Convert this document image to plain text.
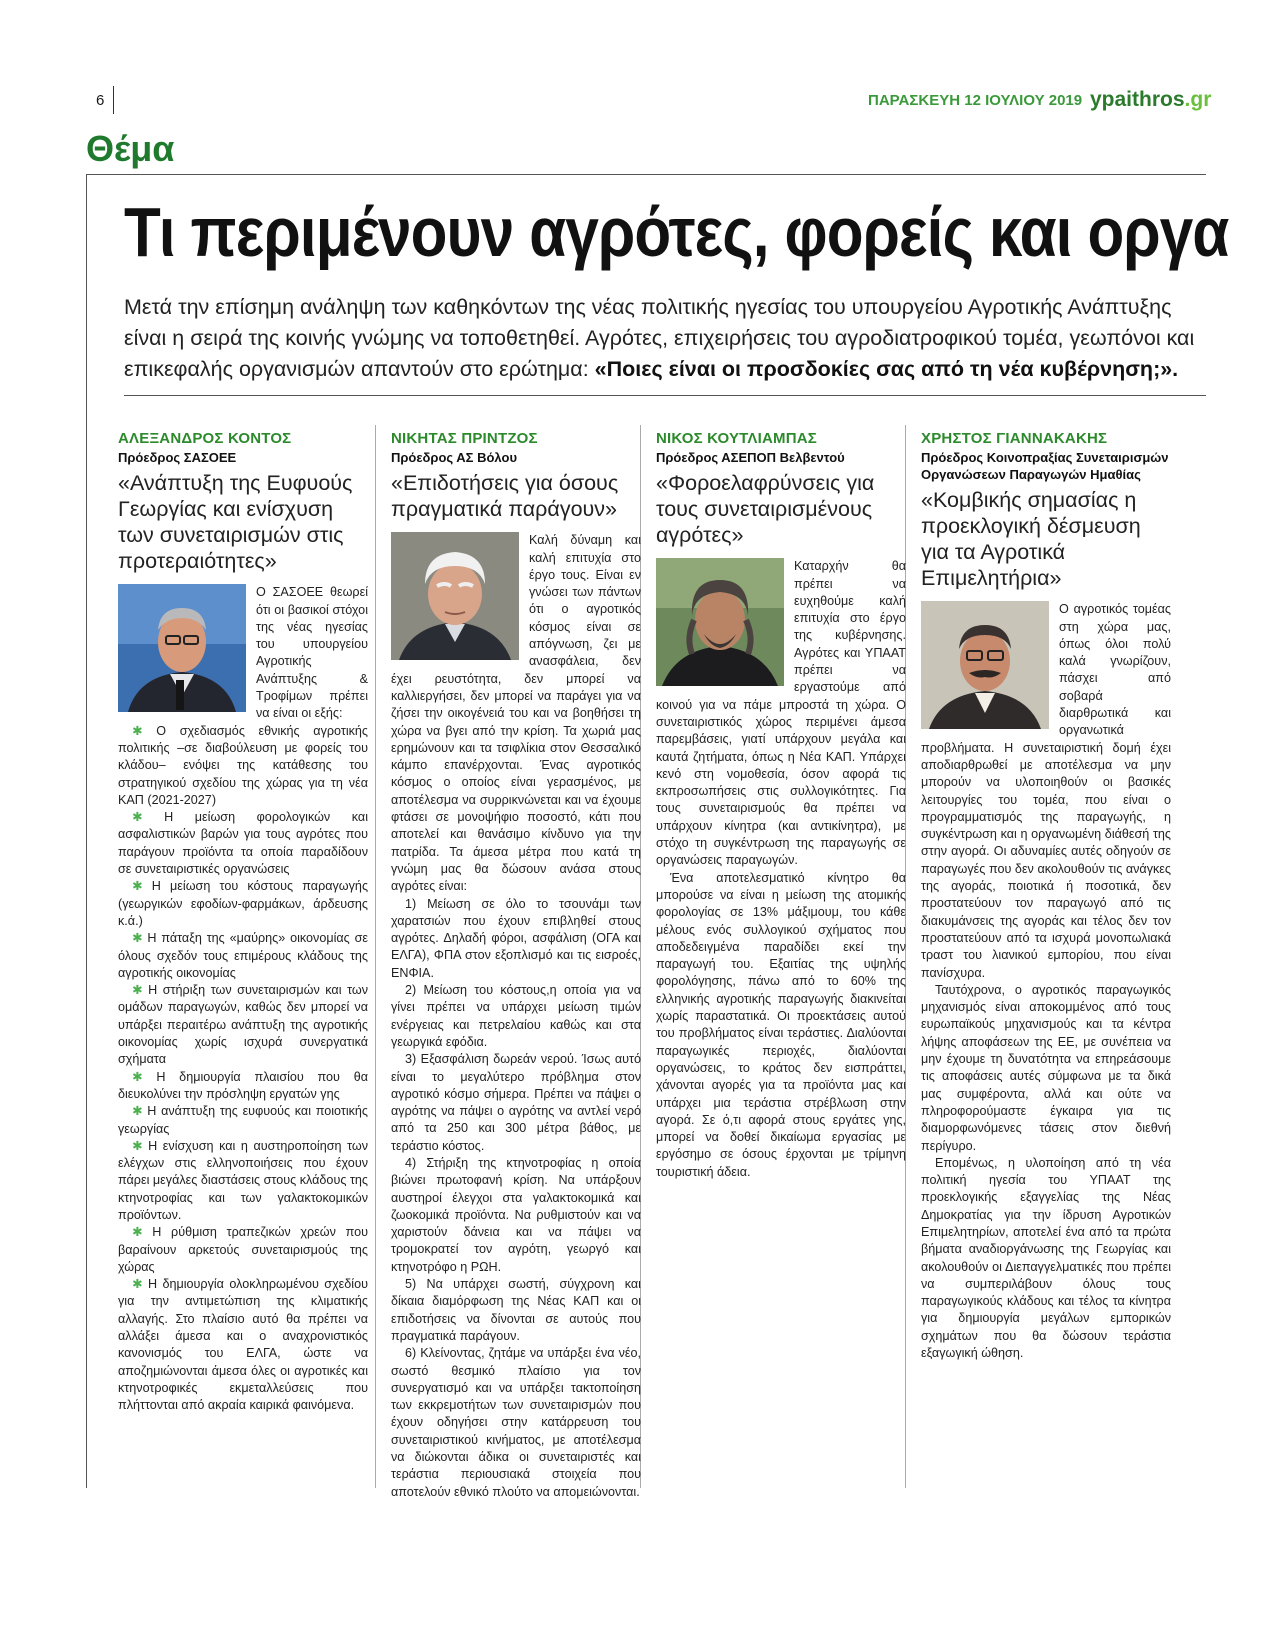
6	ΠΑΡΑΣΚΕΥΗ 12 ΙΟΥΛΙΟΥ 2019 ypaithros.gr
Θέμα
Τι περιμένουν αγρότες, φορείς και οργα
Μετά την επίσημη ανάληψη των καθηκόντων της νέας πολιτικής ηγεσίας του υπουργείου Αγροτικής Ανάπτυξης είναι η σειρά της κοινής γνώμης να τοποθετηθεί. Αγρότες, επιχειρήσεις του αγροδιατροφικού τομέα, γεωπόνοι και επικεφαλής οργανισμών απαντούν στο ερώτημα: «Ποιες είναι οι προσδοκίες σας από τη νέα κυβέρνηση;».
ΑΛΕΞΑΝΔΡΟΣ ΚΟΝΤΟΣ
Πρόεδρος ΣΑΣΟΕΕ
«Ανάπτυξη της Ευφυούς Γεωργίας και ενίσχυση των συνεταιρισμών στις προτεραιότητες»

Ο ΣΑΣΟΕΕ θεωρεί ότι οι βασικοί στόχοι της νέας ηγεσίας του υπουργείου Αγροτικής Ανάπτυξης & Τροφίμων πρέπει να είναι οι εξής:

✱ Ο σχεδιασμός εθνικής αγροτικής πολιτικής –σε διαβούλευση με φορείς του κλάδου– ενόψει της κατάθεσης του στρατηγικού σχεδίου της χώρας για τη νέα ΚΑΠ (2021-2027)

✱ Η μείωση φορολογικών και ασφαλιστικών βαρών για τους αγρότες που παράγουν προϊόντα τα οποία παραδίδουν σε συνεταιριστικές οργανώσεις

✱ Η μείωση του κόστους παραγωγής (γεωργικών εφοδίων-φαρμάκων, άρδευσης κ.ά.)

✱ Η πάταξη της «μαύρης» οικονομίας σε όλους σχεδόν τους επιμέρους κλάδους της αγροτικής οικονομίας

✱ Η στήριξη των συνεταιρισμών και των ομάδων παραγωγών, καθώς δεν μπορεί να υπάρξει περαιτέρω ανάπτυξη της αγροτικής οικονομίας χωρίς ισχυρά συνεργατικά σχήματα

✱ Η δημιουργία πλαισίου που θα διευκολύνει την πρόσληψη εργατών γης

✱ Η ανάπτυξη της ευφυούς και ποιοτικής γεωργίας

✱ Η ενίσχυση και η αυστηροποίηση των ελέγχων στις ελληνοποιήσεις που έχουν πάρει μεγάλες διαστάσεις στους κλάδους της κτηνοτροφίας και των γαλακτοκομικών προϊόντων.

✱ Η ρύθμιση τραπεζικών χρεών που βαραίνουν αρκετούς συνεταιρισμούς της χώρας

✱ Η δημιουργία ολοκληρωμένου σχεδίου για την αντιμετώπιση της κλιματικής αλλαγής. Στο πλαίσιο αυτό θα πρέπει να αλλάξει άμεσα και ο αναχρονιστικός κανονισμός του ΕΛΓΑ, ώστε να αποζημιώνονται άμεσα όλες οι αγροτικές και κτηνοτροφικές εκμεταλλεύσεις που πλήττονται από ακραία καιρικά φαινόμενα.

ΝΙΚΗΤΑΣ ΠΡΙΝΤΖΟΣ
Πρόεδρος ΑΣ Βόλου
«Επιδοτήσεις για όσους πραγματικά παράγουν»

Καλή δύναμη και καλή επιτυχία στο έργο τους. Είναι εν γνώσει των πάντων ότι ο αγροτικός κόσμος είναι σε απόγνωση, ζει με ανασφάλεια, δεν έχει ρευστότητα, δεν μπορεί να καλλιεργήσει, δεν μπορεί να παράγει για να ζήσει την οικογένειά του και να βοηθήσει τη χώρα να βγει από την κρίση. Τα χωριά μας ερημώνουν και τα τσιφλίκια στον Θεσσαλικό κάμπο επανέρχονται. Ένας αγροτικός κόσμος ο οποίος είναι γερασμένος, με αποτέλεσμα να συρρικνώνεται και να έχουμε φτάσει σε μονοψήφιο ποσοστό, κάτι που αποτελεί και θανάσιμο κίνδυνο για την πατρίδα. Τα άμεσα μέτρα που κατά τη γνώμη μας θα δώσουν ανάσα στους αγρότες είναι:

1) Μείωση σε όλο το τσουνάμι των χαρατσιών που έχουν επιβληθεί στους αγρότες. Δηλαδή φόροι, ασφάλιση (ΟΓΑ και ΕΛΓΑ), ΦΠΑ στον εξοπλισμό και τις εισροές, ΕΝΦΙΑ.

2) Μείωση του κόστους,η οποία για να γίνει πρέπει να υπάρχει μείωση τιμών ενέργειας και πετρελαίου καθώς και στα γεωργικά εφόδια.

3) Εξασφάλιση δωρεάν νερού. Ίσως αυτό είναι το μεγαλύτερο πρόβλημα στον αγροτικό κόσμο σήμερα. Πρέπει να πάψει ο αγρότης να πάψει ο αγρότης να αντλεί νερό από τα 250 και 300 μέτρα βάθος, με τεράστιο κόστος.

4) Στήριξη της κτηνοτροφίας η οποία βιώνει πρωτοφανή κρίση. Να υπάρξουν αυστηροί έλεγχοι στα γαλακτοκομικά και ζωοκομικά προϊόντα. Να ρυθμιστούν και να χαριστούν δάνεια και να πάψει να τρομοκρατεί τον αγρότη, γεωργό και κτηνοτρόφο η ΡΩΗ.

5) Να υπάρχει σωστή, σύγχρονη και δίκαια διαμόρφωση της Νέας ΚΑΠ και οι επιδοτήσεις να δίνονται σε αυτούς που πραγματικά παράγουν.

6) Κλείνοντας, ζητάμε να υπάρξει ένα νέο, σωστό θεσμικό πλαίσιο για τον συνεργατισμό και να υπάρξει τακτοποίηση των εκκρεμοτήτων των συνεταιρισμών που έχουν οδηγήσει στην κατάρρευση του συνεταιριστικού κινήματος, με αποτέλεσμα να διώκονται άδικα οι συνεταιριστές και τεράστια περιουσιακά στοιχεία που αποτελούν εθνικό πλούτο να απομειώνονται.

ΝΙΚΟΣ ΚΟΥΤΛΙΑΜΠΑΣ
Πρόεδρος ΑΣΕΠΟΠ Βελβεντού
«Φοροελαφρύνσεις για τους συνεταιρισμένους αγρότες»

Καταρχήν θα πρέπει να ευχηθούμε καλή επιτυχία στο έργο της κυβέρνησης. Αγρότες και ΥΠΑΑΤ πρέπει να εργαστούμε από κοινού για να πάμε μπροστά τη χώρα. Ο συνεταιριστικός χώρος περιμένει άμεσα παρεμβάσεις, γιατί υπάρχουν μεγάλα και καυτά ζητήματα, όπως η Νέα ΚΑΠ. Υπάρχει κενό στη νομοθεσία, όσον αφορά τις εκπροσωπήσεις στις συλλογικότητες. Για τους συνεταιρισμούς θα πρέπει να υπάρχουν κίνητρα (και αντικίνητρα), με στόχο τη συγκέντρωση της παραγωγής σε οργανώσεις παραγωγών.

Ένα αποτελεσματικό κίνητρο θα μπορούσε να είναι η μείωση της ατομικής φορολογίας σε 13% μάξιμουμ, του κάθε μέλους ενός συλλογικού σχήματος που αποδεδειγμένα παραδίδει εκεί την παραγωγή του. Εξαιτίας της υψηλής φορολόγησης, πάνω από το 60% της ελληνικής αγροτικής παραγωγής διακινείται χωρίς παραστατικά. Οι προεκτάσεις αυτού του προβλήματος είναι τεράστιες. Διαλύονται παραγωγικές περιοχές, διαλύονται οργανώσεις, το κράτος δεν εισπράττει, χάνονται αγορές για τα προϊόντα μας και υπάρχει μια τεράστια στρέβλωση στην αγορά. Σε ό,τι αφορά στους εργάτες γης, μπορεί να δοθεί δικαίωμα εργασίας με εργόσημο σε όσους έρχονται με τρίμηνη τουριστική άδεια.

ΧΡΗΣΤΟΣ ΓΙΑΝΝΑΚΑΚΗΣ
Πρόεδρος Κοινοπραξίας Συνεταιρισμών Οργανώσεων Παραγωγών Ημαθίας
«Κομβικής σημασίας η προεκλογική δέσμευση για τα Αγροτικά Επιμελητήρια»

Ο αγροτικός τομέας στη χώρα μας, όπως όλοι πολύ καλά γνωρίζουν, πάσχει από σοβαρά διαρθρωτικά και οργανωτικά προβλήματα. Η συνεταιριστική δομή έχει αποδιαρθρωθεί με αποτέλεσμα να μην μπορούν να υλοποιηθούν οι βασικές λειτουργίες του τομέα, που είναι ο προγραμματισμός της παραγωγής, η συγκέντρωση και η οργανωμένη διάθεσή της στην αγορά. Οι αδυναμίες αυτές οδηγούν σε παραγωγές που δεν ακολουθούν τις ανάγκες της αγοράς, ποιοτικά ή ποσοτικά, δεν προστατεύουν τον παραγωγό από τις διακυμάνσεις της αγοράς και τέλος δεν τον προστατεύουν από τα ισχυρά μονοπωλιακά τραστ του λιανικού εμπορίου, που είναι πανίσχυρα.

Ταυτόχρονα, ο αγροτικός παραγωγικός μηχανισμός είναι αποκομμένος από τους ευρωπαϊκούς μηχανισμούς και τα κέντρα λήψης αποφάσεων της ΕΕ, με συνέπεια να μην έχουμε τη δυνατότητα να επηρεάσουμε τις αποφάσεις αυτές σύμφωνα με τα δικά μας συμφέροντα, αλλά και ούτε να πληροφορούμαστε έγκαιρα για τις διαμορφωνόμενες τάσεις στον διεθνή περίγυρο.

Επομένως, η υλοποίηση από τη νέα πολιτική ηγεσία του ΥΠΑΑΤ της προεκλογικής εξαγγελίας της Νέας Δημοκρατίας για την ίδρυση Αγροτικών Επιμελητηρίων, αποτελεί ένα από τα πρώτα βήματα αναδιοργάνωσης της Γεωργίας και ακολουθούν οι Διεπαγγελματικές που πρέπει να συμπεριλάβουν όλους τους παραγωγικούς κλάδους και τέλος τα κίνητρα για δημιουργία μεγάλων εμπορικών σχημάτων που θα δώσουν τεράστια εξαγωγική ώθηση.
